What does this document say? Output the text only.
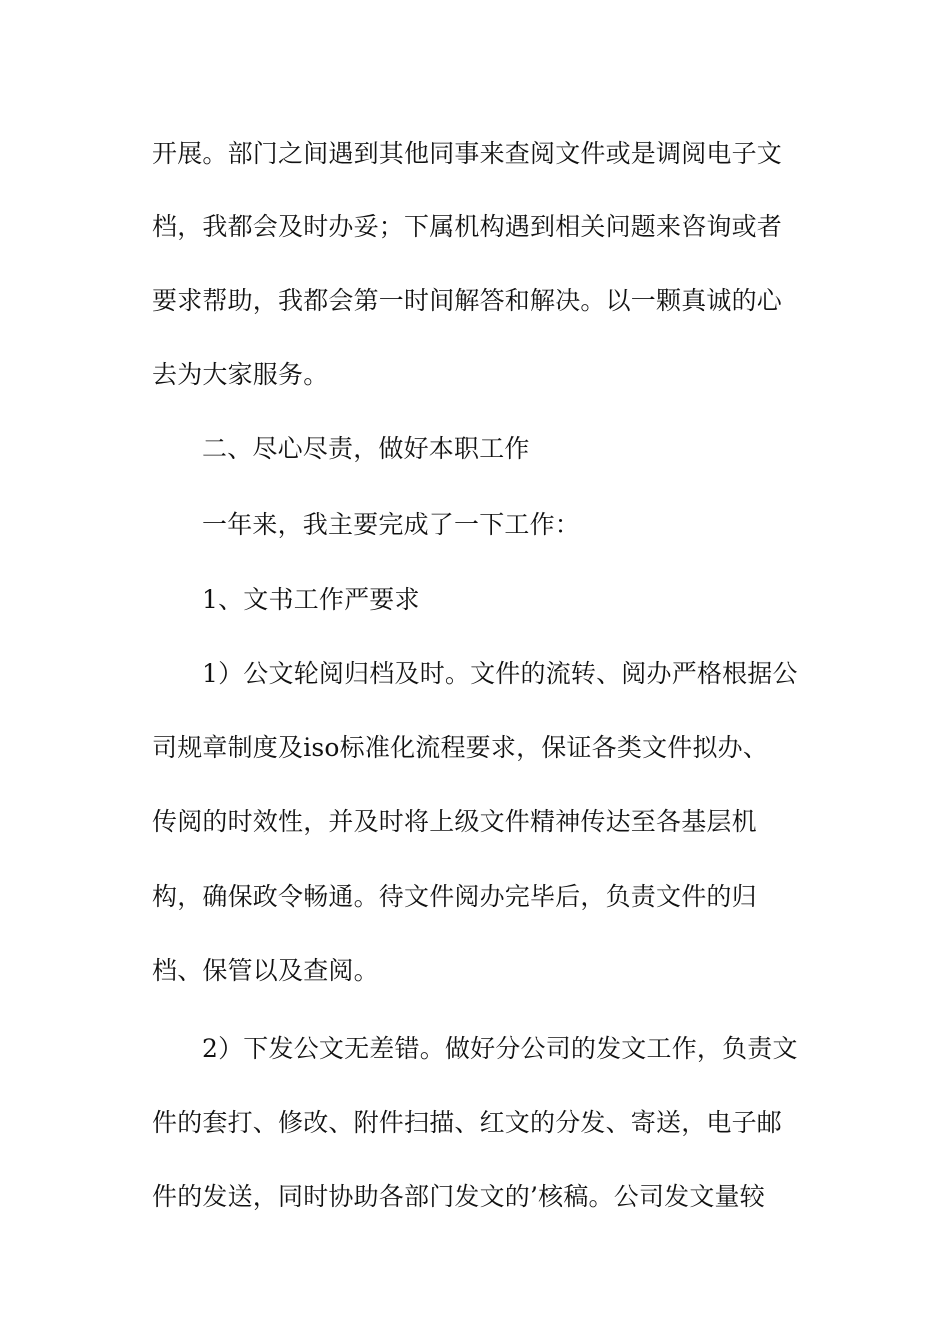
开展。部门之间遇到其他同事来查阅文件或是调阅电子文
档，我都会及时办妥；下属机构遇到相关问题来咨询或者
要求帮助，我都会第一时间解答和解决。以一颗真诚的心
去为大家服务。
二、尽心尽责，做好本职工作
一年来，我主要完成了一下工作：
1、文书工作严要求
1）公文轮阅归档及时。文件的流转、阅办严格根据公
司规章制度及iso标准化流程要求，保证各类文件拟办、
传阅的时效性，并及时将上级文件精神传达至各基层机
构，确保政令畅通。待文件阅办完毕后，负责文件的归
档、保管以及查阅。
2）下发公文无差错。做好分公司的发文工作，负责文
件的套打、修改、附件扫描、红文的分发、寄送，电子邮
件的发送，同时协助各部门发文的’核稿。公司发文量较
